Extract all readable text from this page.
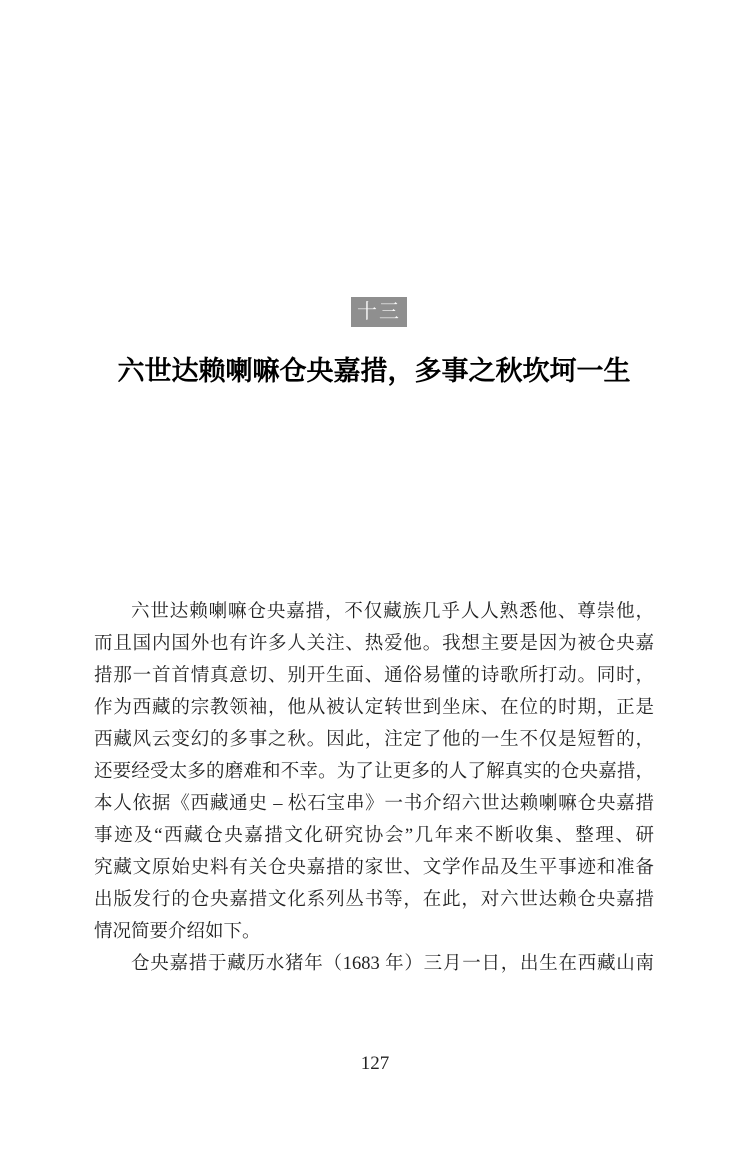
十三
六世达赖喇嘛仓央嘉措，多事之秋坎坷一生
六世达赖喇嘛仓央嘉措，不仅藏族几乎人人熟悉他、尊崇他，
而且国内国外也有许多人关注、热爱他。我想主要是因为被仓央嘉
措那一首首情真意切、别开生面、通俗易懂的诗歌所打动。同时，
作为西藏的宗教领袖，他从被认定转世到坐床、在位的时期，正是
西藏风云变幻的多事之秋。因此，注定了他的一生不仅是短暂的，
还要经受太多的磨难和不幸。为了让更多的人了解真实的仓央嘉措，
本人依据《西藏通史 – 松石宝串》一书介绍六世达赖喇嘛仓央嘉措
事迹及“西藏仓央嘉措文化研究协会”几年来不断收集、整理、研
究藏文原始史料有关仓央嘉措的家世、文学作品及生平事迹和准备
出版发行的仓央嘉措文化系列丛书等，在此，对六世达赖仓央嘉措
情况简要介绍如下。
仓央嘉措于藏历水猪年（1683 年）三月一日，出生在西藏山南
127
